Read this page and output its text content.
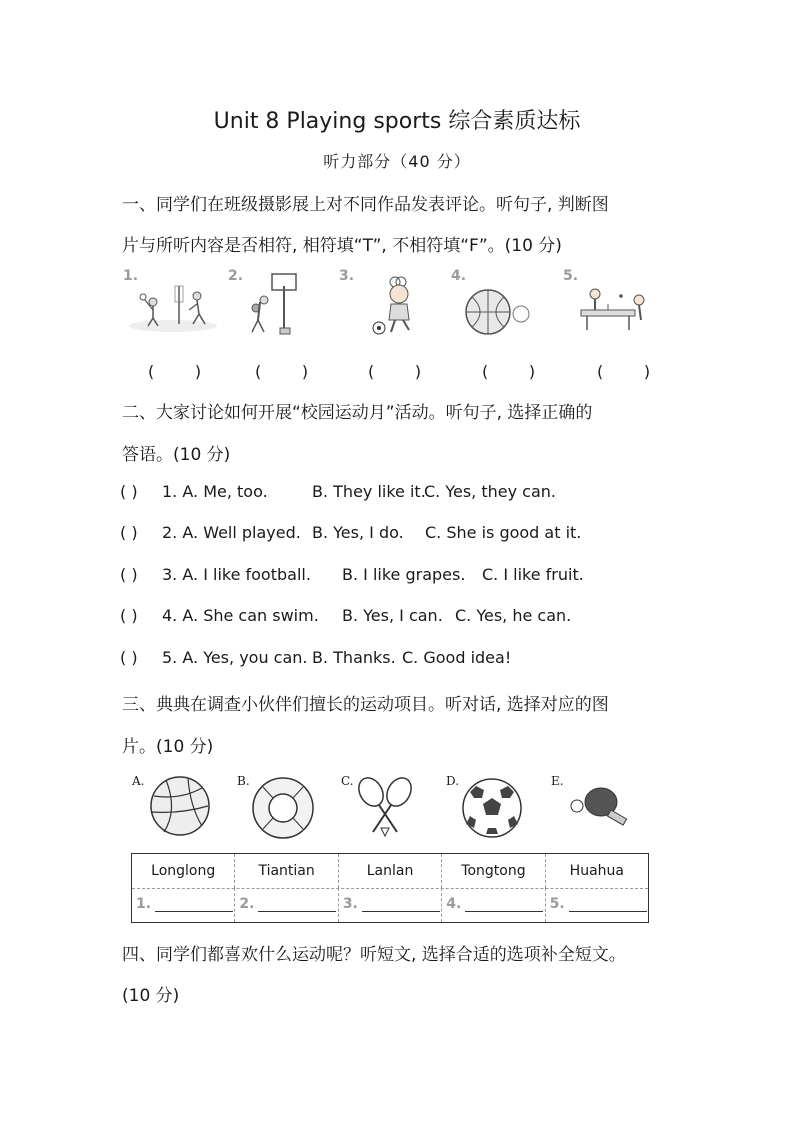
Unit 8 Playing sports 综合素质达标
听力部分（40 分）
一、同学们在班级摄影展上对不同作品发表评论。听句子, 判断图
片与所听内容是否相符, 相符填“T”, 不相符填“F”。(10 分)
1.	2.	3.	4.	5.
(        )	(        )	(        )	(        )	(        )
二、大家讨论如何开展“校园运动月”活动。听句子, 选择正确的
答语。(10 分)
( ) 1. A. Me, too.	B. They like it.C. Yes, they can.
( ) 2. A. Well played. B. Yes, I do. C. She is good at it.
( ) 3. A. I like football. B. I like grapes. C. I like fruit.
( ) 4. A. She can swim. B. Yes, I can. C. Yes, he can.
( ) 5. A. Yes, you can. B. Thanks. C. Good idea!
三、典典在调查小伙伴们擅长的运动项目。听对话, 选择对应的图
片。(10 分)
A.	B.	C.	D.	E.
Longlong	Tiantian	Lanlan	Tongtong	Huahua
1.	2.	3.	4.	5.
四、同学们都喜欢什么运动呢？听短文, 选择合适的选项补全短文。
(10 分)
